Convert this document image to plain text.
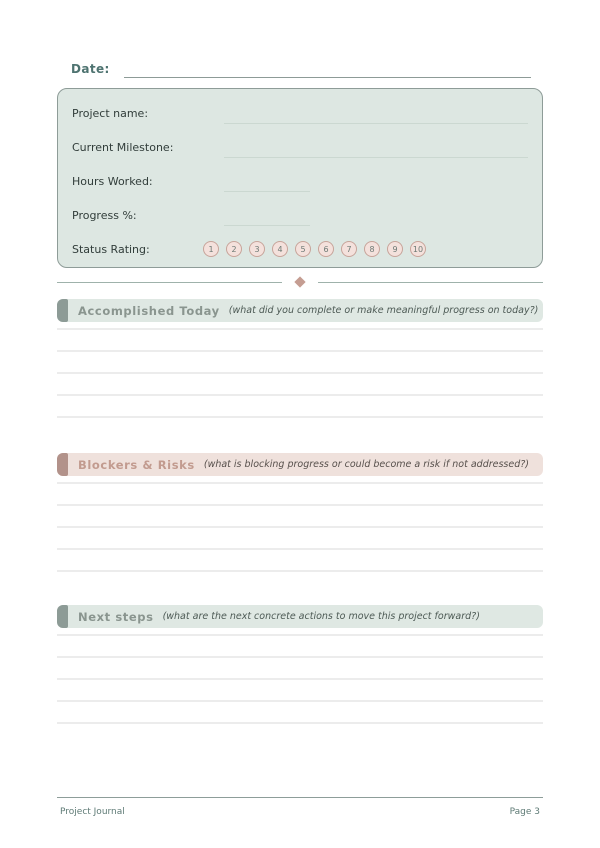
Date:
Project name:
Current Milestone:
Hours Worked:
Progress %:
Status Rating:	1	2	3	4	5	6	7	8	9	10
Accomplished Today (what did you complete or make meaningful progress on today?)
Blockers & Risks (what is blocking progress or could become a risk if not addressed?)
Next steps (what are the next concrete actions to move this project forward?)
Project Journal	Page 3
